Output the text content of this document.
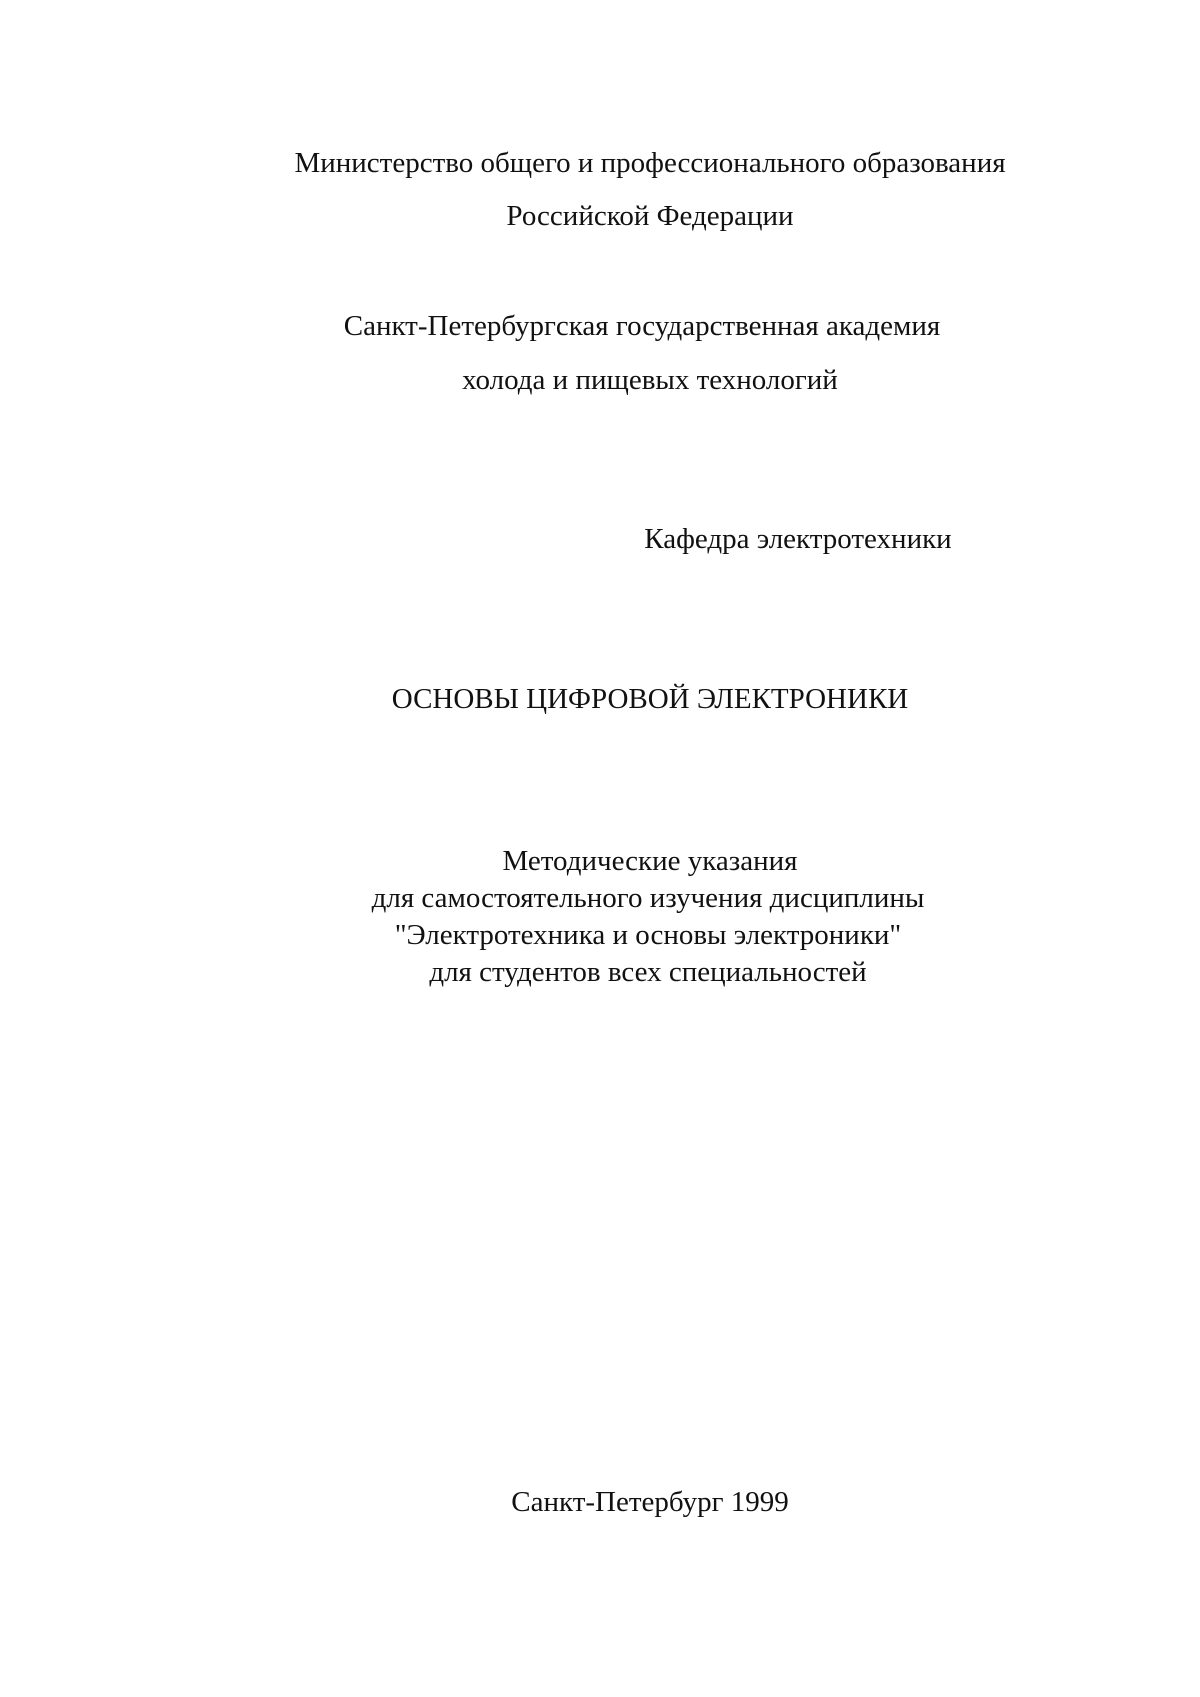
Министерство общего и профессионального образования
Российской Федерации
Санкт-Петербургская государственная академия
холода и пищевых технологий
Кафедра электротехники
ОСНОВЫ ЦИФРОВОЙ ЭЛЕКТРОНИКИ
Методические указания
для самостоятельного изучения дисциплины
"Электротехника и основы электроники"
для студентов всех специальностей
Санкт-Петербург 1999
